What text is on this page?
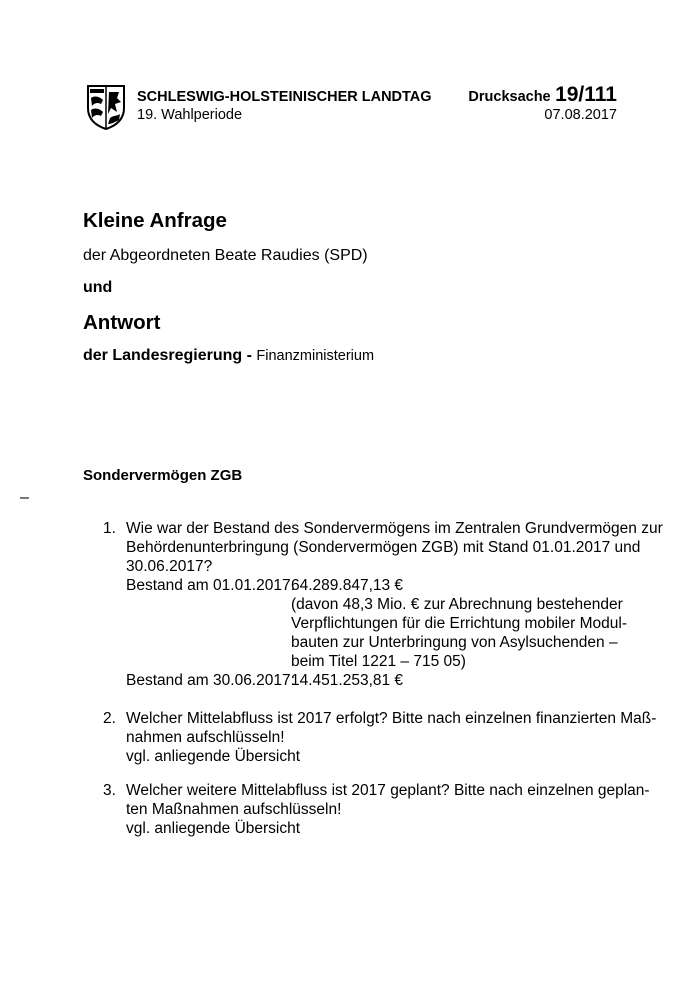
SCHLESWIG-HOLSTEINISCHER LANDTAG
19. Wahlperiode
Drucksache 19/111
07.08.2017
Kleine Anfrage
der Abgeordneten Beate Raudies (SPD)
und
Antwort
der Landesregierung - Finanzministerium
Sondervermögen ZGB
–
1. Wie war der Bestand des Sondervermögens im Zentralen Grundvermögen zur
Behördenunterbringung (Sondervermögen ZGB) mit Stand 01.01.2017 und
30.06.2017?
Bestand am 01.01.2017:
64.289.847,13 €
(davon 48,3 Mio. € zur Abrechnung bestehender
Verpflichtungen für die Errichtung mobiler Modul-
bauten zur Unterbringung von Asylsuchenden –
beim Titel 1221 – 715 05)
Bestand am 30.06.2017:
14.451.253,81 €
2. Welcher Mittelabfluss ist 2017 erfolgt? Bitte nach einzelnen finanzierten Maß-
nahmen aufschlüsseln!
vgl. anliegende Übersicht
3. Welcher weitere Mittelabfluss ist 2017 geplant? Bitte nach einzelnen geplan-
ten Maßnahmen aufschlüsseln!
vgl. anliegende Übersicht
